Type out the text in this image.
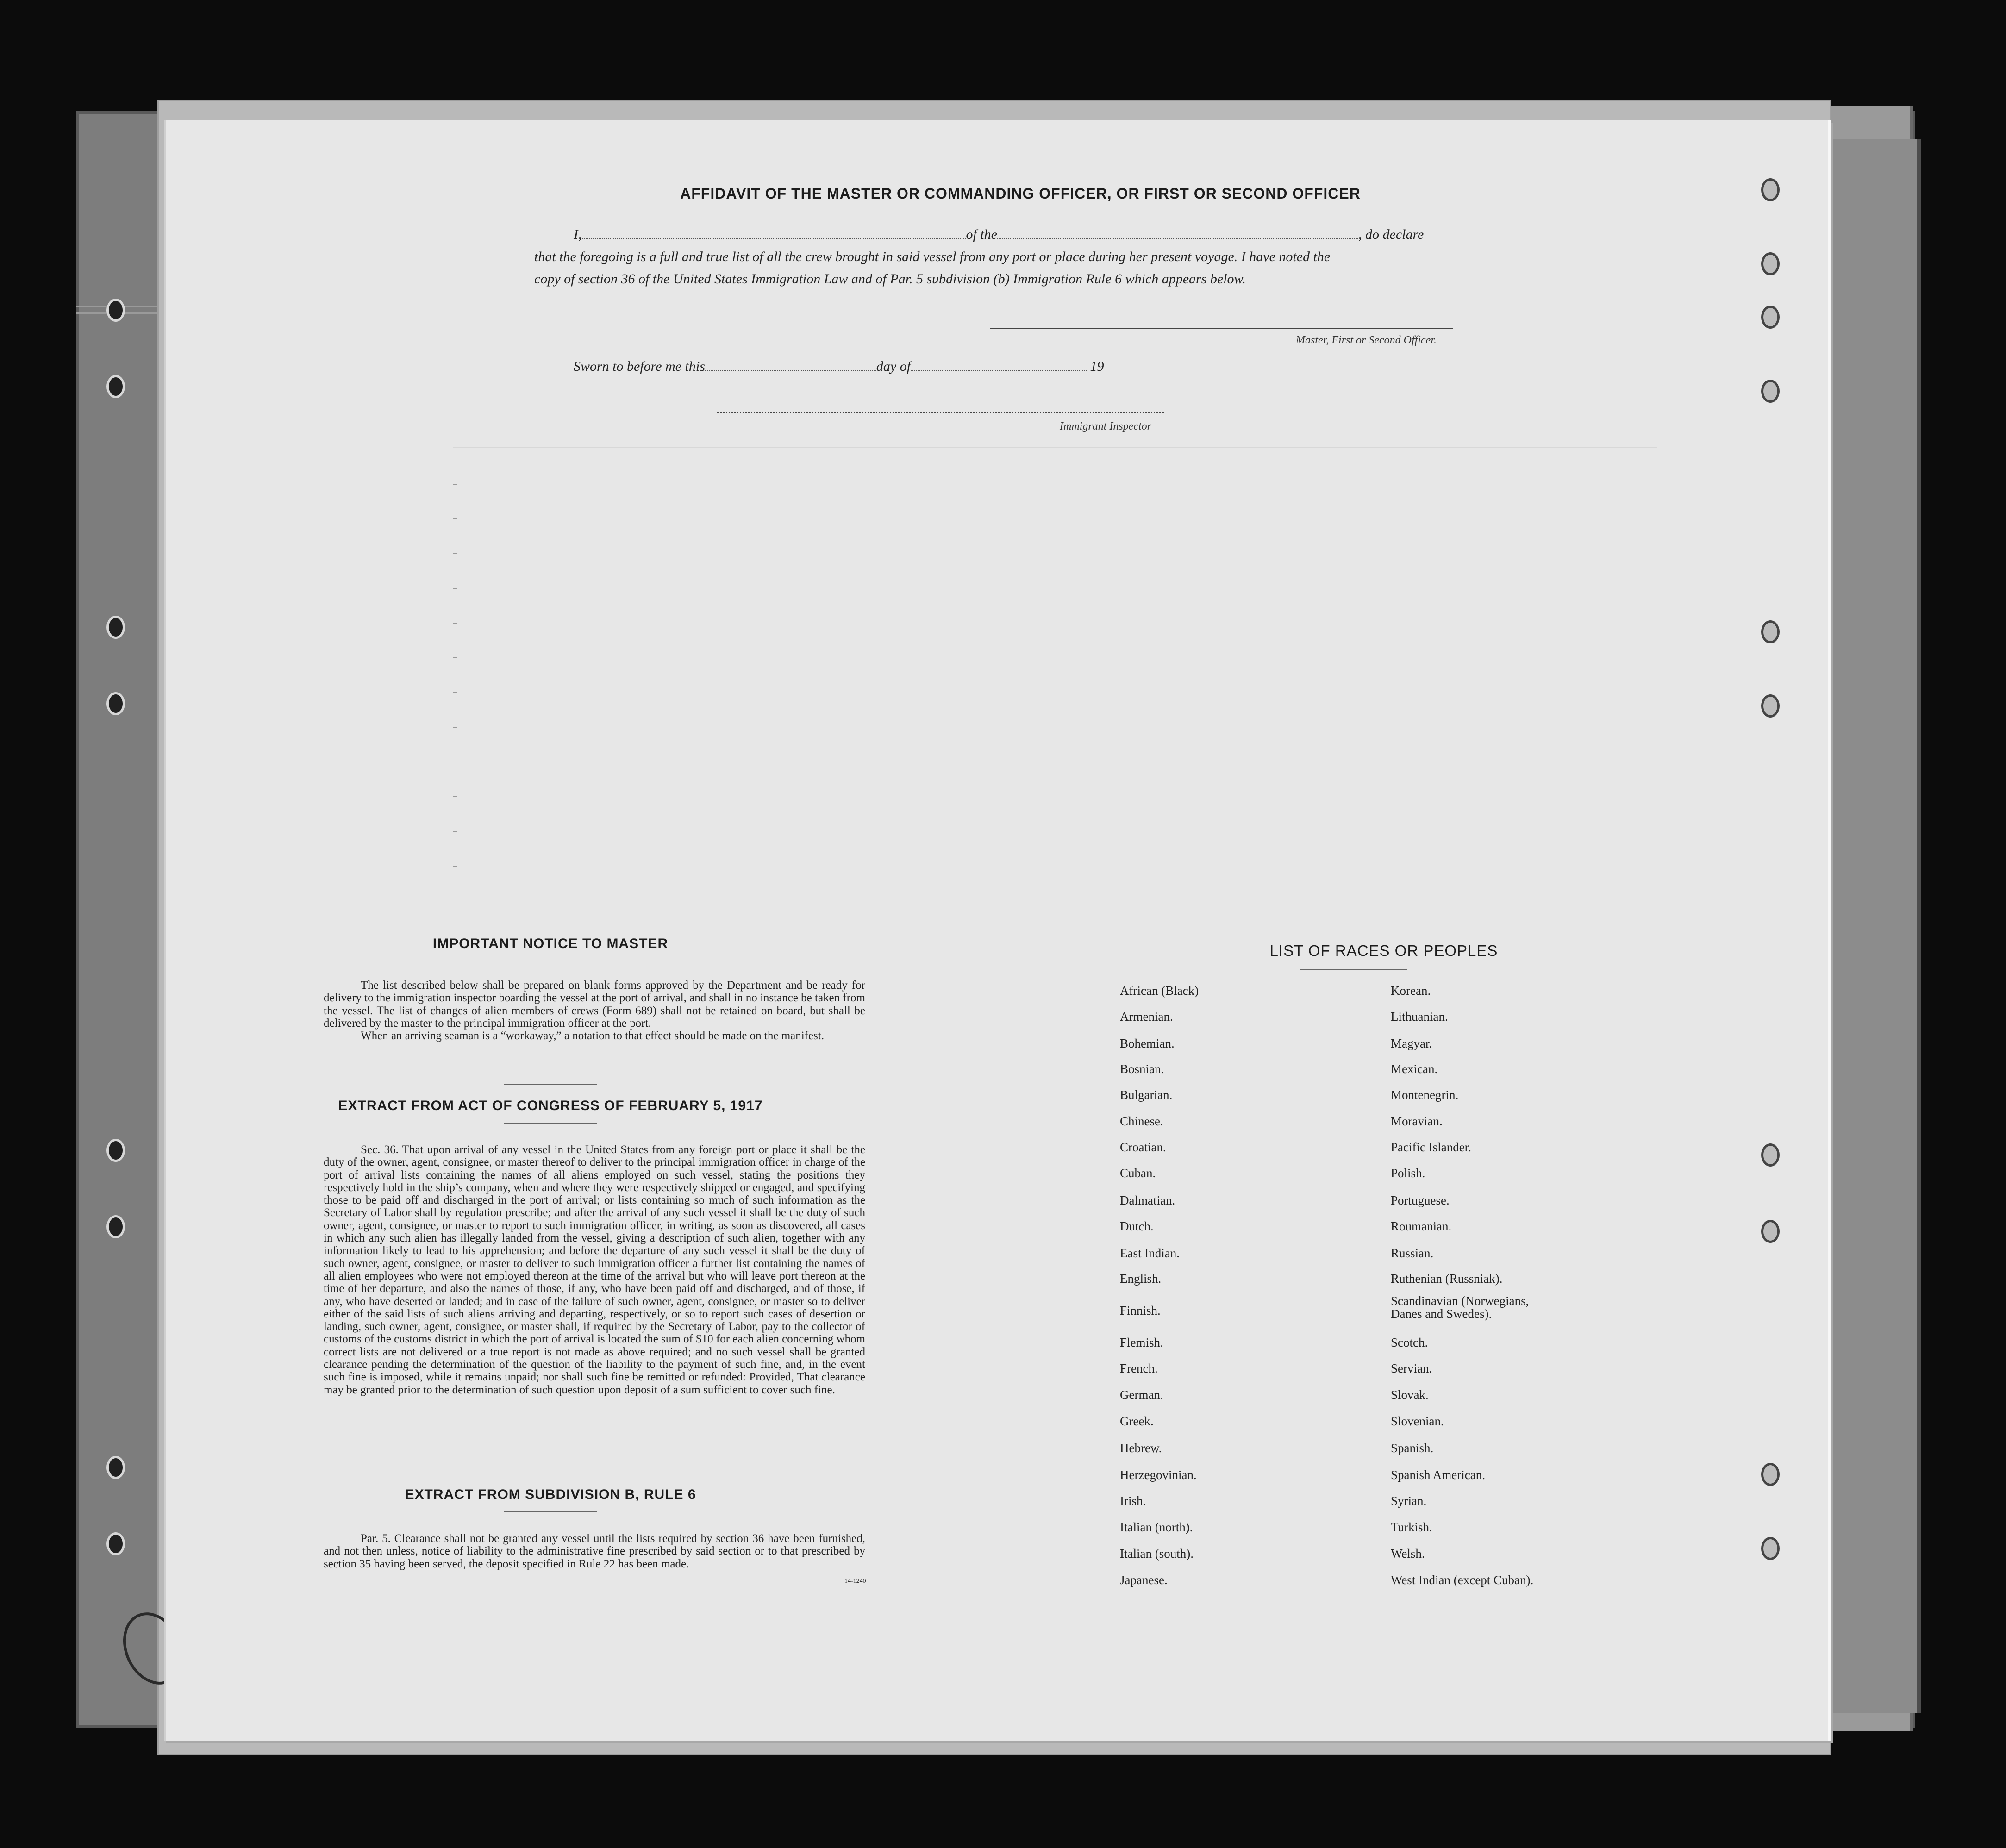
AFFIDAVIT OF THE MASTER OR COMMANDING OFFICER, OR FIRST OR SECOND OFFICER
I,	of the	, do declare
that the foregoing is a full and true list of all the crew brought in said vessel from any port or place during her present voyage. I have noted the
copy of section 36 of the United States Immigration Law and of Par. 5 subdivision (b) Immigration Rule 6 which appears below.
Master, First or Second Officer.
Sworn to before me this	day of	19
Immigrant Inspector
IMPORTANT NOTICE TO MASTER

The list described below shall be prepared on blank forms approved by the Department and be ready for delivery to the immigration inspector boarding the vessel at the port of arrival, and shall in no instance be taken from the vessel. The list of changes of alien members of crews (Form 689) shall not be retained on board, but shall be delivered by the master to the principal immigration officer at the port.

When an arriving seaman is a “workaway,” a notation to that effect should be made on the manifest.

EXTRACT FROM ACT OF CONGRESS OF FEBRUARY 5, 1917

Sec. 36. That upon arrival of any vessel in the United States from any foreign port or place it shall be the duty of the owner, agent, consignee, or master thereof to deliver to the principal immigration officer in charge of the port of arrival lists containing the names of all aliens employed on such vessel, stating the positions they respectively hold in the ship’s company, when and where they were respectively shipped or engaged, and specifying those to be paid off and discharged in the port of arrival; or lists containing so much of such information as the Secretary of Labor shall by regulation prescribe; and after the arrival of any such vessel it shall be the duty of such owner, agent, consignee, or master to report to such immigration officer, in writing, as soon as discovered, all cases in which any such alien has illegally landed from the vessel, giving a description of such alien, together with any information likely to lead to his apprehension; and before the departure of any such vessel it shall be the duty of such owner, agent, consignee, or master to deliver to such immigration officer a further list containing the names of all alien employees who were not employed thereon at the time of the arrival but who will leave port thereon at the time of her departure, and also the names of those, if any, who have been paid off and discharged, and of those, if any, who have deserted or landed; and in case of the failure of such owner, agent, consignee, or master so to deliver either of the said lists of such aliens arriving and departing, respectively, or so to report such cases of desertion or landing, such owner, agent, consignee, or master shall, if required by the Secretary of Labor, pay to the collector of customs of the customs district in which the port of arrival is located the sum of $10 for each alien concerning whom correct lists are not delivered or a true report is not made as above required; and no such vessel shall be granted clearance pending the determination of the question of the liability to the payment of such fine, and, in the event such fine is imposed, while it remains unpaid; nor shall such fine be remitted or refunded: Provided, That clearance may be granted prior to the determination of such question upon deposit of a sum sufficient to cover such fine.

EXTRACT FROM SUBDIVISION B, RULE 6

Par. 5. Clearance shall not be granted any vessel until the lists required by section 36 have been furnished, and not then unless, notice of liability to the administrative fine prescribed by said section or to that prescribed by section 35 having been served, the deposit specified in Rule 22 has been made.

14-1240
LIST OF RACES OR PEOPLES
African (Black)
Armenian.
Bohemian.
Bosnian.
Bulgarian.
Chinese.
Croatian.
Cuban.
Dalmatian.
Dutch.
East Indian.
English.
Finnish.
Flemish.
French.
German.
Greek.
Hebrew.
Herzegovinian.
Irish.
Italian (north).
Italian (south).
Japanese.
Korean.
Lithuanian.
Magyar.
Mexican.
Montenegrin.
Moravian.
Pacific Islander.
Polish.
Portuguese.
Roumanian.
Russian.
Ruthenian (Russniak).
Scandinavian (Norwegians, Danes and Swedes).
Scotch.
Servian.
Slovak.
Slovenian.
Spanish.
Spanish American.
Syrian.
Turkish.
Welsh.
West Indian (except Cuban).
